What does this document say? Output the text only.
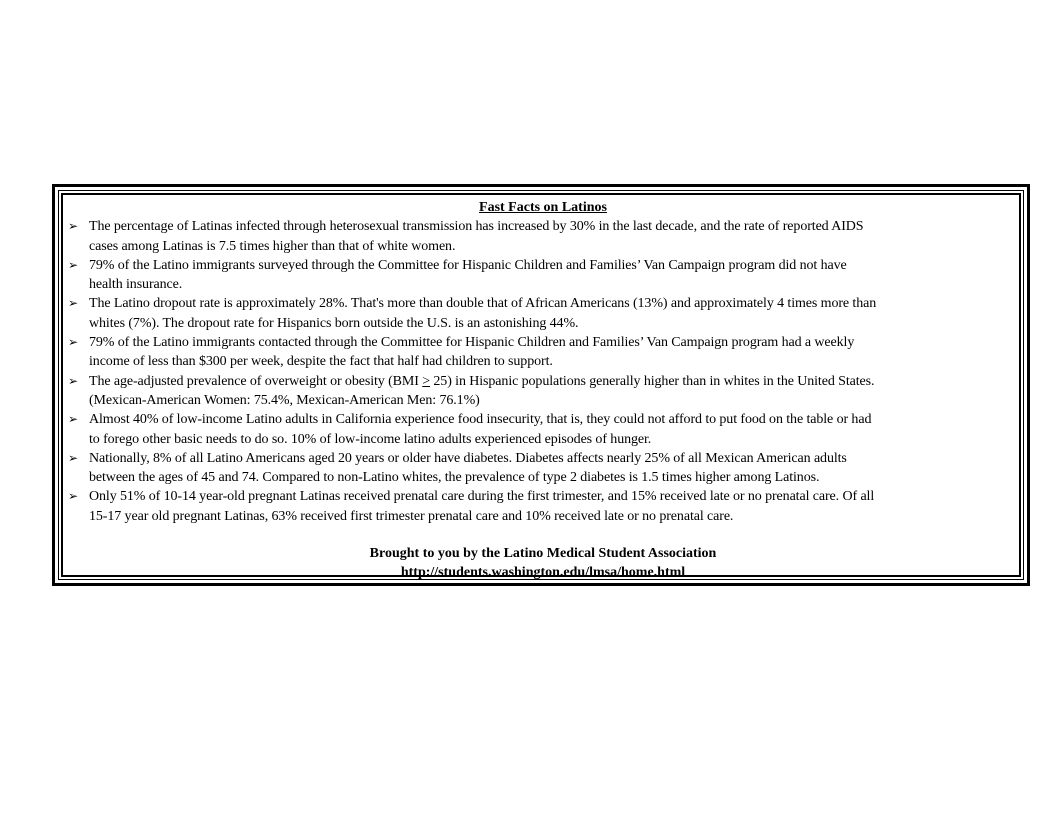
Fast Facts on Latinos

➢ The percentage of Latinas infected through heterosexual transmission has increased by 30% in the last decade, and the rate of reported AIDS
cases among Latinas is 7.5 times higher than that of white women.
➢ 79% of the Latino immigrants surveyed through the Committee for Hispanic Children and Families’ Van Campaign program did not have
health insurance.
➢ The Latino dropout rate is approximately 28%. That's more than double that of African Americans (13%) and approximately 4 times more than
whites (7%). The dropout rate for Hispanics born outside the U.S. is an astonishing 44%.
➢ 79% of the Latino immigrants contacted through the Committee for Hispanic Children and Families’ Van Campaign program had a weekly
income of less than $300 per week, despite the fact that half had children to support.
➢ The age-adjusted prevalence of overweight or obesity (BMI ≥ 25) in Hispanic populations generally higher than in whites in the United States.
(Mexican-American Women: 75.4%, Mexican-American Men: 76.1%)
➢ Almost 40% of low-income Latino adults in California experience food insecurity, that is, they could not afford to put food on the table or had
to forego other basic needs to do so. 10% of low-income latino adults experienced episodes of hunger.
➢ Nationally, 8% of all Latino Americans aged 20 years or older have diabetes. Diabetes affects nearly 25% of all Mexican American adults
between the ages of 45 and 74. Compared to non-Latino whites, the prevalence of type 2 diabetes is 1.5 times higher among Latinos.
➢ Only 51% of 10-14 year-old pregnant Latinas received prenatal care during the first trimester, and 15% received late or no prenatal care. Of all
15-17 year old pregnant Latinas, 63% received first trimester prenatal care and 10% received late or no prenatal care.

Brought to you by the Latino Medical Student Association

http://students.washington.edu/lmsa/home.html
